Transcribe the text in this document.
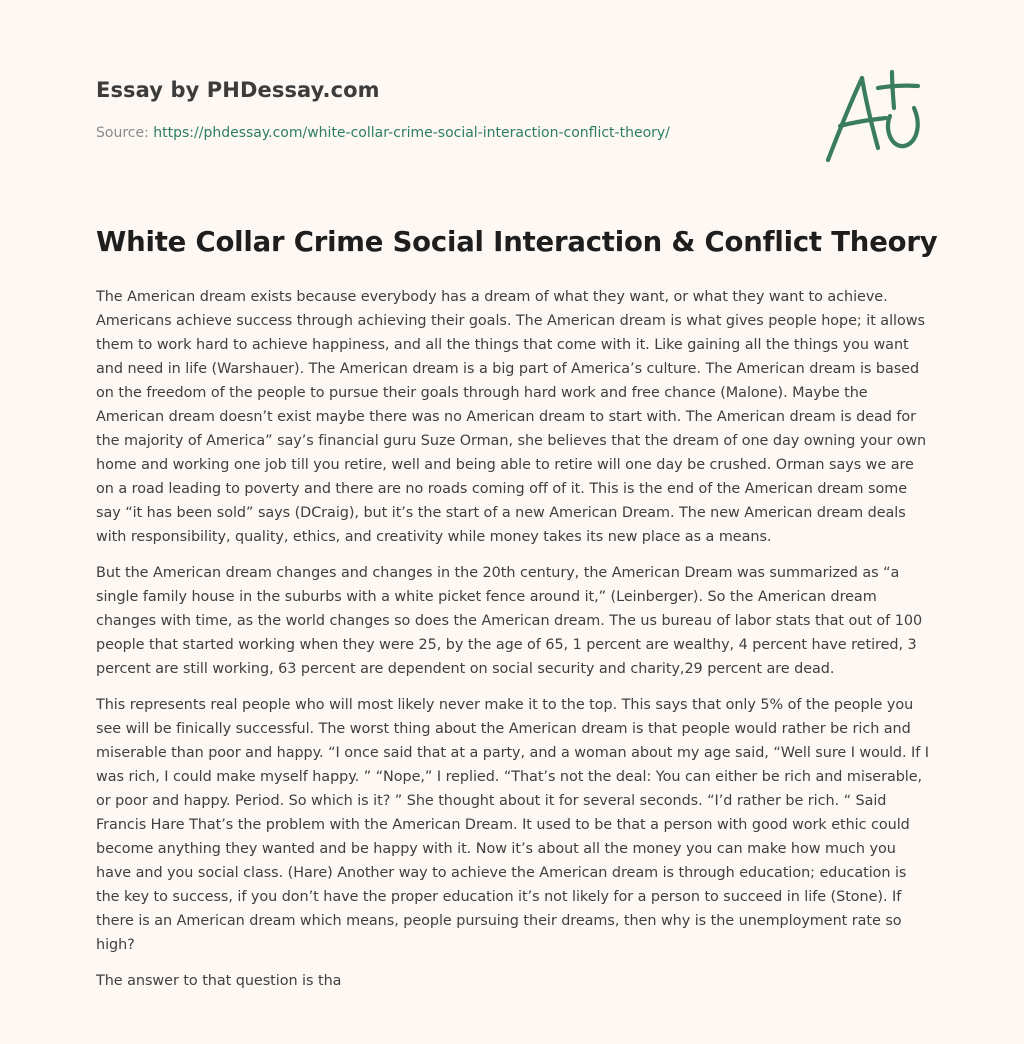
Essay by PHDessay.com
Source: https://phdessay.com/white-collar-crime-social-interaction-conflict-theory/
White Collar Crime Social Interaction & Conflict Theory

The American dream exists because everybody has a dream of what they want, or what they want to achieve. Americans achieve success through achieving their goals. The American dream is what gives people hope; it allows them to work hard to achieve happiness, and all the things that come with it. Like gaining all the things you want and need in life (Warshauer). The American dream is a big part of America’s culture. The American dream is based on the freedom of the people to pursue their goals through hard work and free chance (Malone). Maybe the American dream doesn’t exist maybe there was no American dream to start with. The American dream is dead for the majority of America” say’s financial guru Suze Orman, she believes that the dream of one day owning your own home and working one job till you retire, well and being able to retire will one day be crushed. Orman says we are on a road leading to poverty and there are no roads coming off of it. This is the end of the American dream some say “it has been sold” says (DCraig), but it’s the start of a new American Dream. The new American dream deals with responsibility, quality, ethics, and creativity while money takes its new place as a means.

But the American dream changes and changes in the 20th century, the American Dream was summarized as “a single family house in the suburbs with a white picket fence around it,” (Leinberger). So the American dream changes with time, as the world changes so does the American dream. The us bureau of labor stats that out of 100 people that started working when they were 25, by the age of 65, 1 percent are wealthy, 4 percent have retired, 3 percent are still working, 63 percent are dependent on social security and charity,29 percent are dead.

This represents real people who will most likely never make it to the top. This says that only 5% of the people you see will be finically successful. The worst thing about the American dream is that people would rather be rich and miserable than poor and happy. “I once said that at a party, and a woman about my age said, “Well sure I would. If I was rich, I could make myself happy. ” “Nope,” I replied. “That’s not the deal: You can either be rich and miserable, or poor and happy. Period. So which is it? ” She thought about it for several seconds. “I’d rather be rich. “ Said Francis Hare That’s the problem with the American Dream. It used to be that a person with good work ethic could become anything they wanted and be happy with it. Now it’s about all the money you can make how much you have and you social class. (Hare) Another way to achieve the American dream is through education; education is the key to success, if you don’t have the proper education it’s not likely for a person to succeed in life (Stone). If there is an American dream which means, people pursuing their dreams, then why is the unemployment rate so high?

The answer to that question is tha
